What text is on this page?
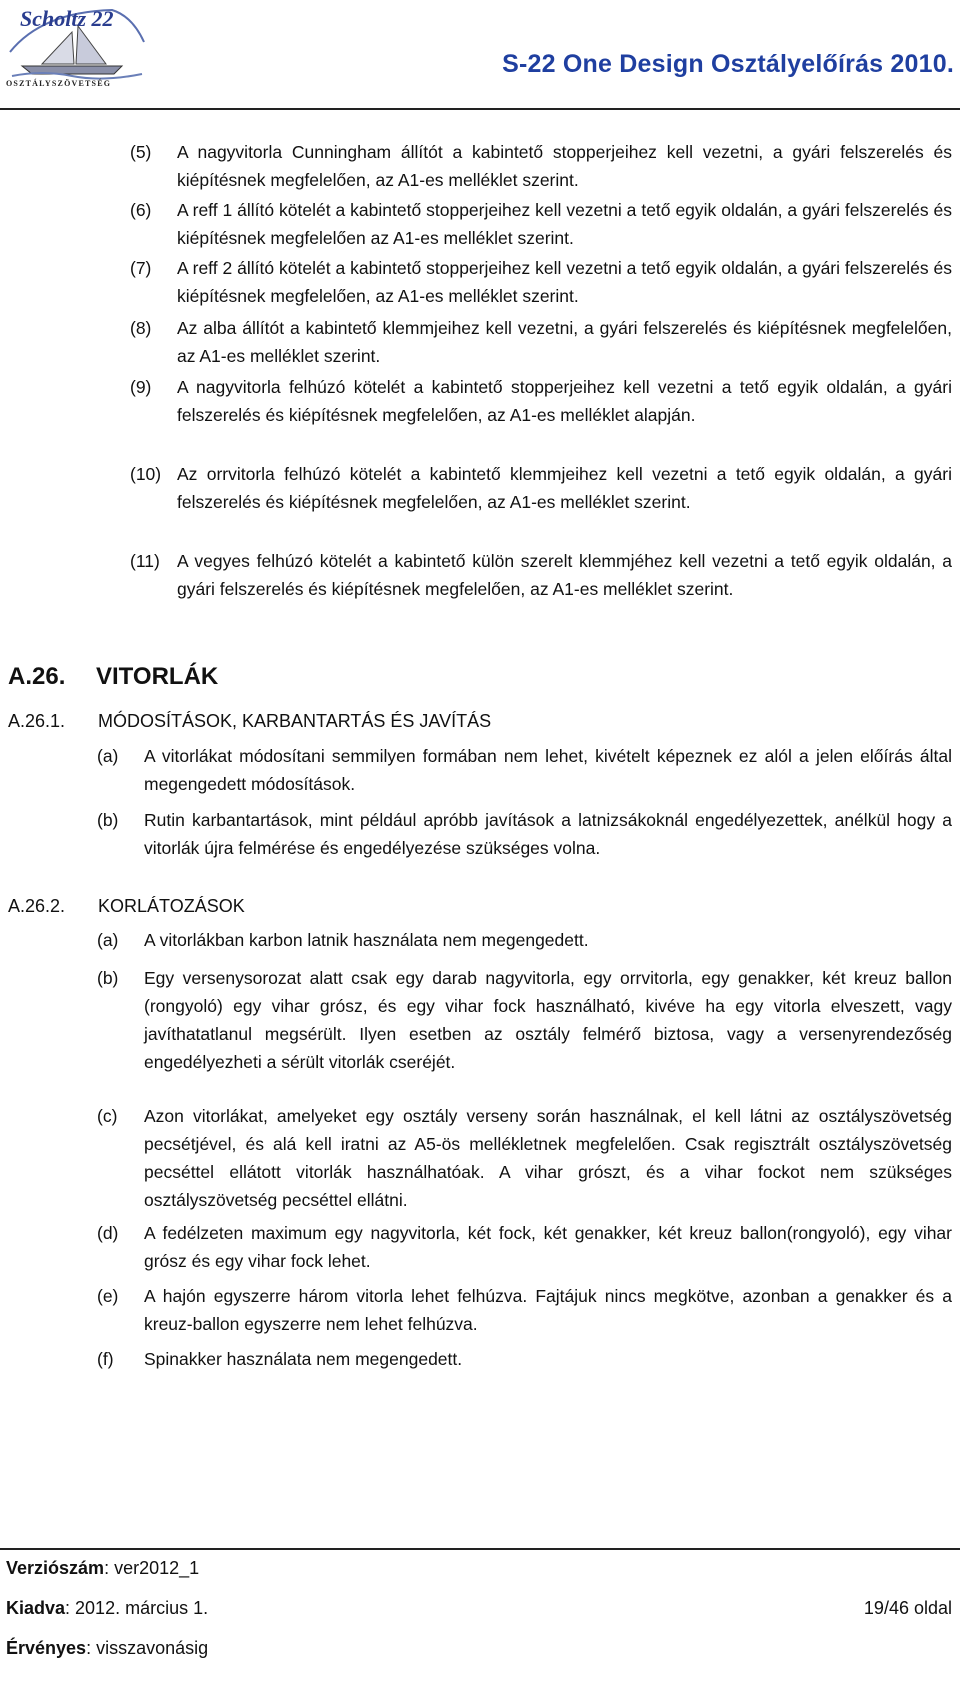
Scholtz 22
OSZTÁLYSZÖVETSÉG
S-22 One Design Osztályelőírás 2010.
(5)	A nagyvitorla Cunningham állítót a kabintető stopperjeihez kell vezetni, a gyári felszerelés és kiépítésnek megfelelően, az A1-es melléklet szerint.
(6)	A reff 1 állító kötelét a kabintető stopperjeihez kell vezetni a tető egyik oldalán, a gyári felszerelés és kiépítésnek megfelelően az A1-es melléklet szerint.
(7)	A reff 2 állító kötelét a kabintető stopperjeihez kell vezetni a tető egyik oldalán, a gyári felszerelés és kiépítésnek megfelelően, az A1-es melléklet szerint.
(8)	Az alba állítót a kabintető klemmjeihez kell vezetni, a gyári felszerelés és kiépítésnek megfelelően, az A1-es melléklet szerint.
(9)	A nagyvitorla felhúzó kötelét a kabintető stopperjeihez kell vezetni a tető egyik oldalán, a gyári felszerelés és kiépítésnek megfelelően, az A1-es melléklet alapján.
(10) Az orrvitorla felhúzó kötelét a kabintető klemmjeihez kell vezetni a tető egyik oldalán, a gyári felszerelés és kiépítésnek megfelelően, az A1-es melléklet szerint.
(11) A vegyes felhúzó kötelét a kabintető külön szerelt klemmjéhez kell vezetni a tető egyik oldalán, a gyári felszerelés és kiépítésnek megfelelően, az A1-es melléklet szerint.
A.26. VITORLÁK
A.26.1. MÓDOSÍTÁSOK, KARBANTARTÁS ÉS JAVÍTÁS
(a)	A vitorlákat módosítani semmilyen formában nem lehet, kivételt képeznek ez alól a jelen előírás által megengedett módosítások.
(b)	Rutin karbantartások, mint például apróbb javítások a latnizsákoknál engedélyezettek, anélkül hogy a vitorlák újra felmérése és engedélyezése szükséges volna.
A.26.2. KORLÁTOZÁSOK
(a)	A vitorlákban karbon latnik használata nem megengedett.
(b)	Egy versenysorozat alatt csak egy darab nagyvitorla, egy orrvitorla, egy genakker, két kreuz ballon (rongyoló) egy vihar grósz, és egy vihar fock használható, kivéve ha egy vitorla elveszett, vagy javíthatatlanul megsérült. Ilyen esetben az osztály felmérő biztosa, vagy a versenyrendezőség engedélyezheti a sérült vitorlák cseréjét.
(c)	Azon vitorlákat, amelyeket egy osztály verseny során használnak, el kell látni az osztályszövetség pecsétjével, és alá kell iratni az A5-ös mellékletnek megfelelően. Csak regisztrált osztályszövetség pecséttel ellátott vitorlák használhatóak. A vihar grószt, és a vihar fockot nem szükséges osztályszövetség pecséttel ellátni.
(d)	A fedélzeten maximum egy nagyvitorla, két fock, két genakker, két kreuz ballon(rongyoló), egy vihar grósz és egy vihar fock lehet.
(e)	A hajón egyszerre három vitorla lehet felhúzva. Fajtájuk nincs megkötve, azonban a genakker és a kreuz-ballon egyszerre nem lehet felhúzva.
(f)	Spinakker használata nem megengedett.
Verziószám: ver2012_1
Kiadva: 2012. március 1.	19/46 oldal
Érvényes: visszavonásig
